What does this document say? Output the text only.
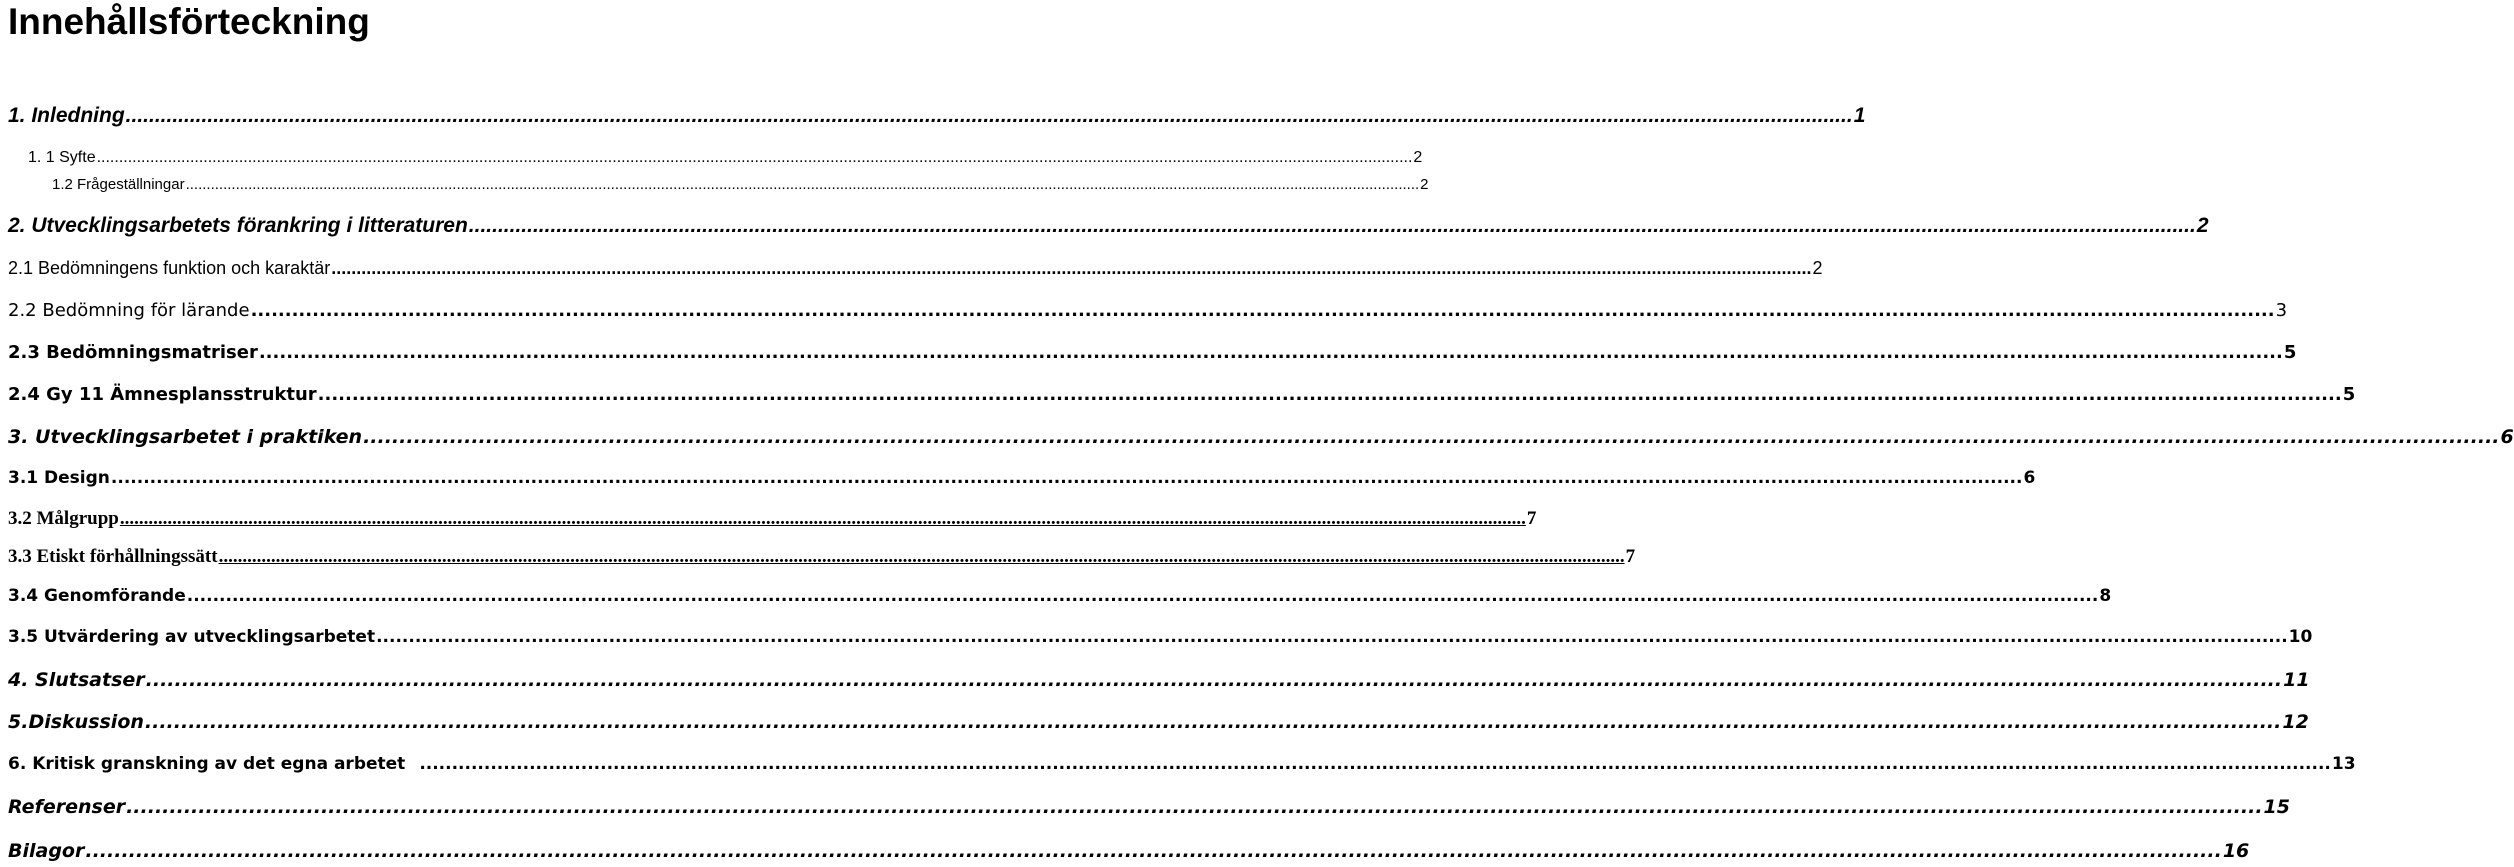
Innehållsförteckning
1. Inledning .....	1
1. 1 Syfte .....	2
1.2 Frågeställningar .....	2
2. Utvecklingsarbetets förankring i litteraturen .....	2
2.1 Bedömningens funktion och karaktär .....	2
2.2 Bedömning för lärande .....	3
2.3 Bedömningsmatriser .....	5
2.4 Gy 11 Ämnesplansstruktur .....	5
3. Utvecklingsarbetet i praktiken .....	6
3.1 Design .....	6
3.2 Målgrupp .....	7
3.3 Etiskt förhållningssätt .....	7
3.4 Genomförande .....	8
3.5 Utvärdering av utvecklingsarbetet .....	10
4. Slutsatser .....	11
5.Diskussion .....	12
6. Kritisk granskning av det egna arbetet .....	13
Referenser .....	15
Bilagor .....	16
